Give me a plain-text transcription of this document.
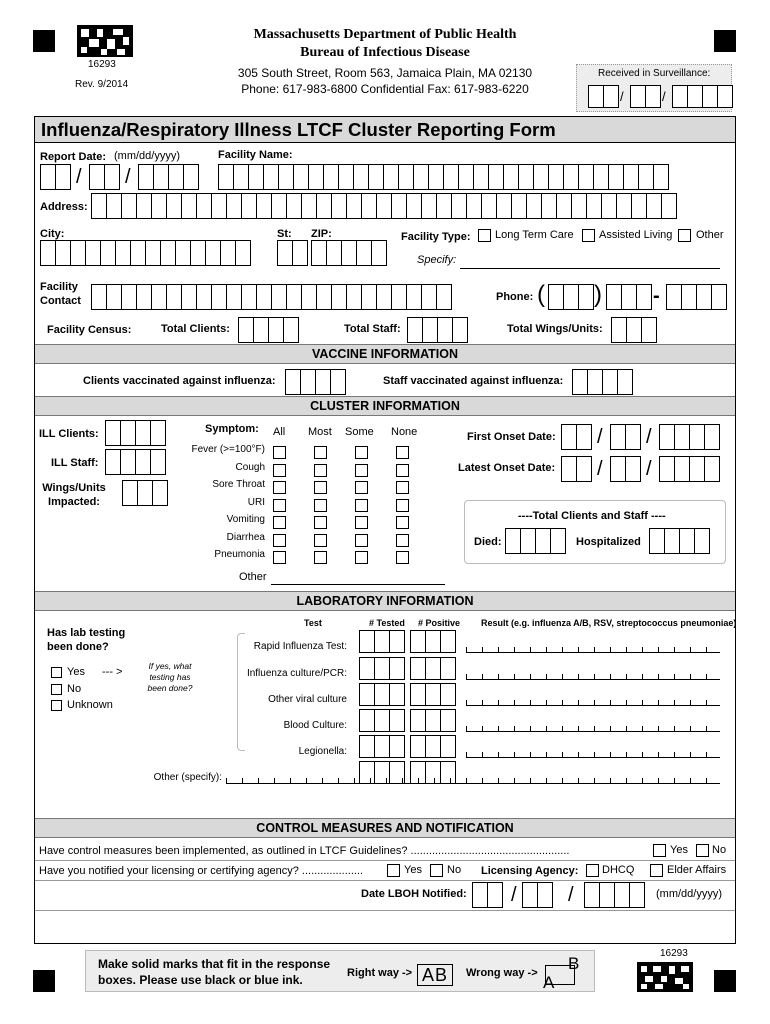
16293
Rev. 9/2014
Massachusetts Department of Public Health
Bureau of Infectious Disease
305 South Street, Room 563, Jamaica Plain, MA 02130
Phone: 617-983-6800 Confidential Fax: 617-983-6220
Received in Surveillance:
/	/
Influenza/Respiratory Illness LTCF Cluster Reporting Form
Report Date: (mm/dd/yyyy)	Facility Name:
/ /
Address:
City:	St: ZIP:	Facility Type: Long Term Care Assisted Living Other
Specify:
Facility Contact	Phone: ( )	-
Facility Census:	Total Clients:	Total Staff:	Total Wings/Units:
VACCINE INFORMATION
Clients vaccinated against influenza:	Staff vaccinated against influenza:
CLUSTER INFORMATION
ILL Clients:
ILL Staff:
Wings/Units Impacted:
Symptom: All Most Some None
Fever (>=100°F)
Cough
Sore Throat
URI
Vomiting
Diarrhea
Pneumonia
Other
First Onset Date: / /
Latest Onset Date: / /
----Total Clients and Staff ----
Died:	Hospitalized
LABORATORY INFORMATION
Has lab testing been done?
Yes --- >
No
Unknown
If yes, what testing has been done?
Test	# Tested # Positive Result (e.g. influenza A/B, RSV, streptococcus pneumoniae)
Rapid Influenza Test:
Influenza culture/PCR:
Other viral culture
Blood Culture:
Legionella:
Other (specify):
CONTROL MEASURES AND NOTIFICATION
Have control measures been implemented, as outlined in LTCF Guidelines? ....................................................	Yes No
Have you notified your licensing or certifying agency? ....................	Yes No Licensing Agency: DHCQ	Elder Affairs
Date LBOH Notified: /	/	(mm/dd/yyyy)
Make solid marks that fit in the response boxes. Please use black or blue ink.	Right way -> AB	Wrong way -> B
A
16293
